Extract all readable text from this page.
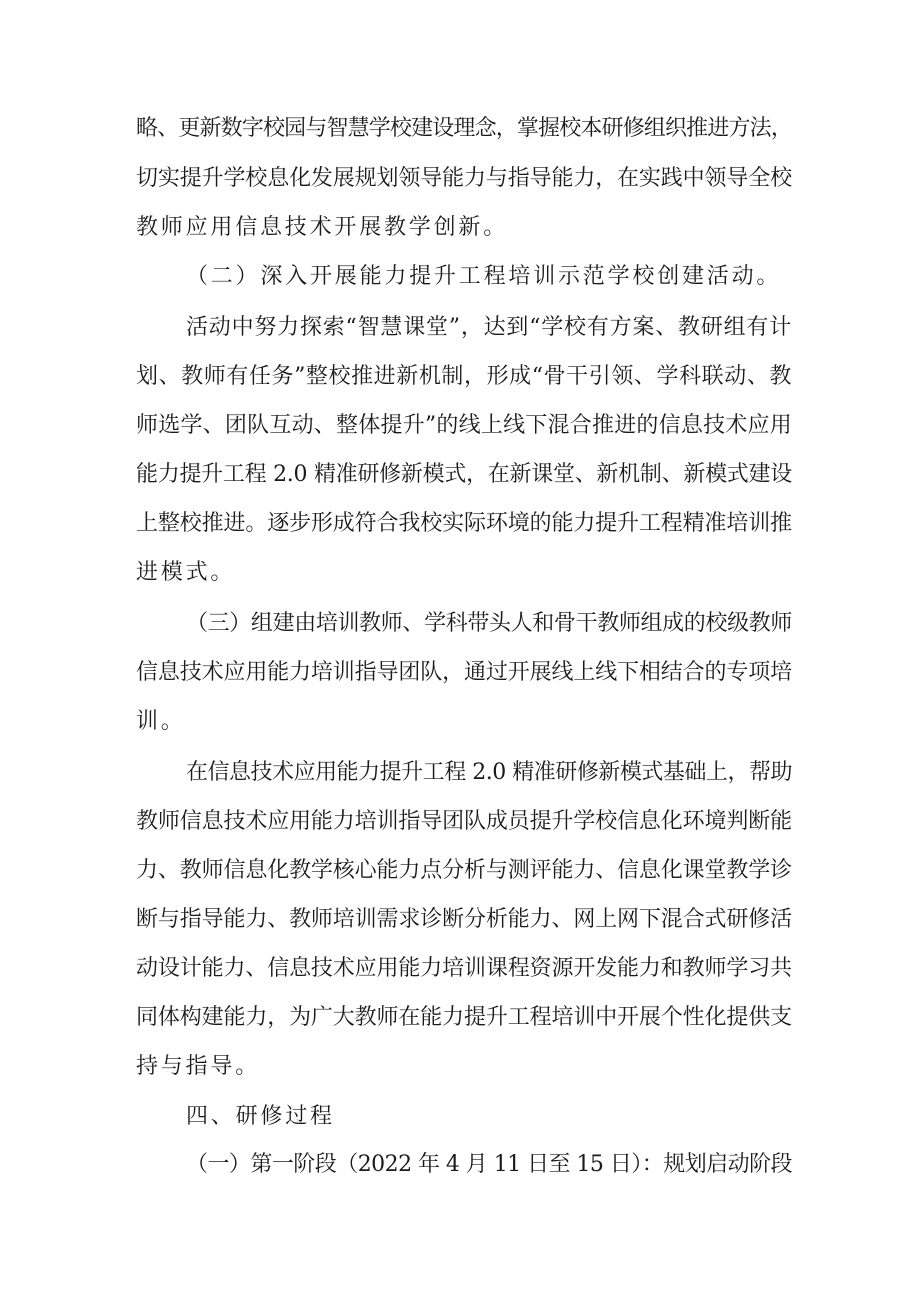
略、更新数字校园与智慧学校建设理念，掌握校本研修组织推进方法，
切实提升学校息化发展规划领导能力与指导能力，在实践中领导全校
教师应用信息技术开展教学创新。
（二）深入开展能力提升工程培训示范学校创建活动。
活动中努力探索“智慧课堂”，达到“学校有方案、教研组有计
划、教师有任务”整校推进新机制，形成“骨干引领、学科联动、教
师选学、团队互动、整体提升”的线上线下混合推进的信息技术应用
能力提升工程 2.0 精准研修新模式，在新课堂、新机制、新模式建设
上整校推进。逐步形成符合我校实际环境的能力提升工程精准培训推
进模式。
（三）组建由培训教师、学科带头人和骨干教师组成的校级教师
信息技术应用能力培训指导团队，通过开展线上线下相结合的专项培
训。
在信息技术应用能力提升工程 2.0 精准研修新模式基础上，帮助
教师信息技术应用能力培训指导团队成员提升学校信息化环境判断能
力、教师信息化教学核心能力点分析与测评能力、信息化课堂教学诊
断与指导能力、教师培训需求诊断分析能力、网上网下混合式研修活
动设计能力、信息技术应用能力培训课程资源开发能力和教师学习共
同体构建能力，为广大教师在能力提升工程培训中开展个性化提供支
持与指导。
四、研修过程
（一）第一阶段（2022 年 4 月 11 日至 15 日）：规划启动阶段
